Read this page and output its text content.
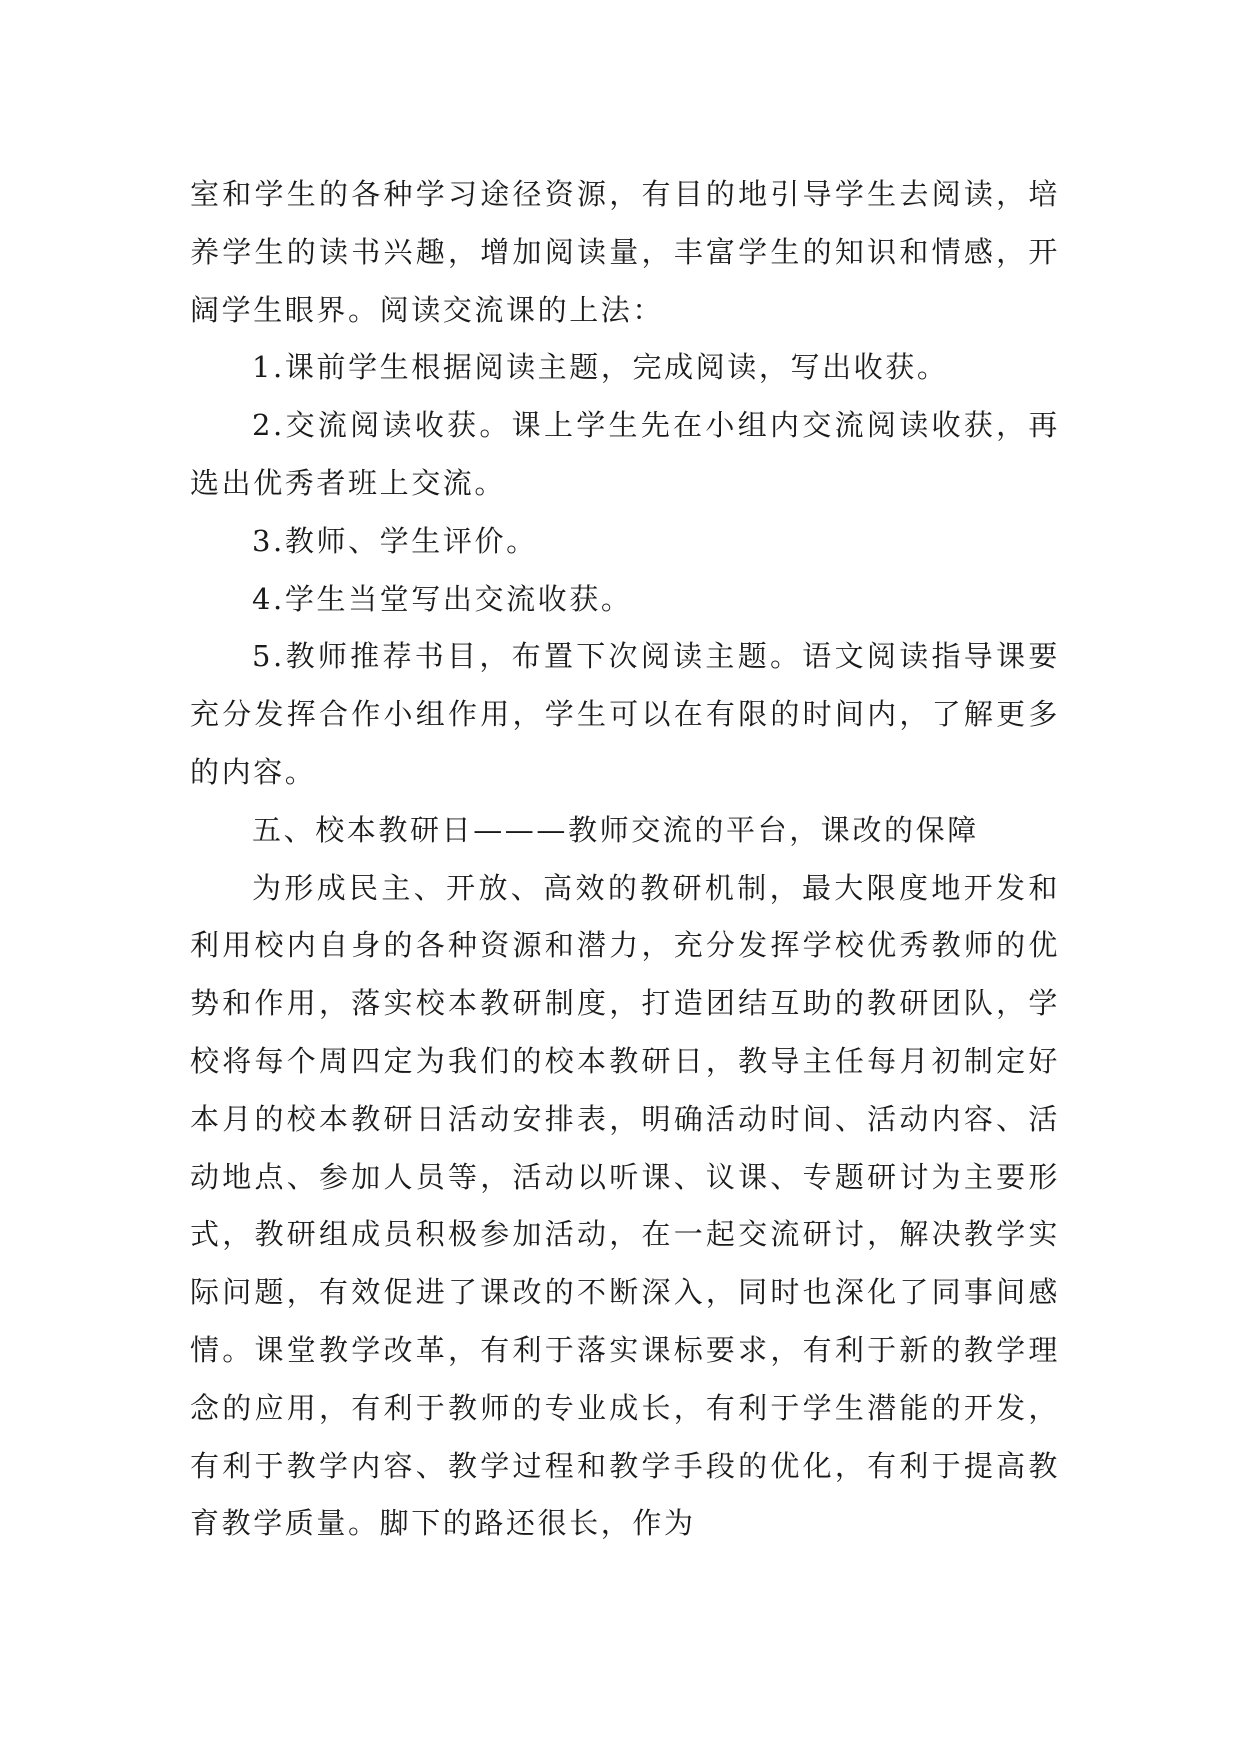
室和学生的各种学习途径资源，有目的地引导学生去阅读，培养学生的读书兴趣，增加阅读量，丰富学生的知识和情感，开阔学生眼界。阅读交流课的上法：

1.课前学生根据阅读主题，完成阅读，写出收获。

2.交流阅读收获。课上学生先在小组内交流阅读收获，再选出优秀者班上交流。

3.教师、学生评价。

4.学生当堂写出交流收获。

5.教师推荐书目，布置下次阅读主题。语文阅读指导课要充分发挥合作小组作用，学生可以在有限的时间内，了解更多的内容。

五、校本教研日———教师交流的平台，课改的保障

为形成民主、开放、高效的教研机制，最大限度地开发和利用校内自身的各种资源和潜力，充分发挥学校优秀教师的优势和作用，落实校本教研制度，打造团结互助的教研团队，学校将每个周四定为我们的校本教研日，教导主任每月初制定好本月的校本教研日活动安排表，明确活动时间、活动内容、活动地点、参加人员等，活动以听课、议课、专题研讨为主要形式，教研组成员积极参加活动，在一起交流研讨，解决教学实际问题，有效促进了课改的不断深入，同时也深化了同事间感情。课堂教学改革，有利于落实课标要求，有利于新的教学理念的应用，有利于教师的专业成长，有利于学生潜能的开发，有利于教学内容、教学过程和教学手段的优化，有利于提高教育教学质量。脚下的路还很长，作为
